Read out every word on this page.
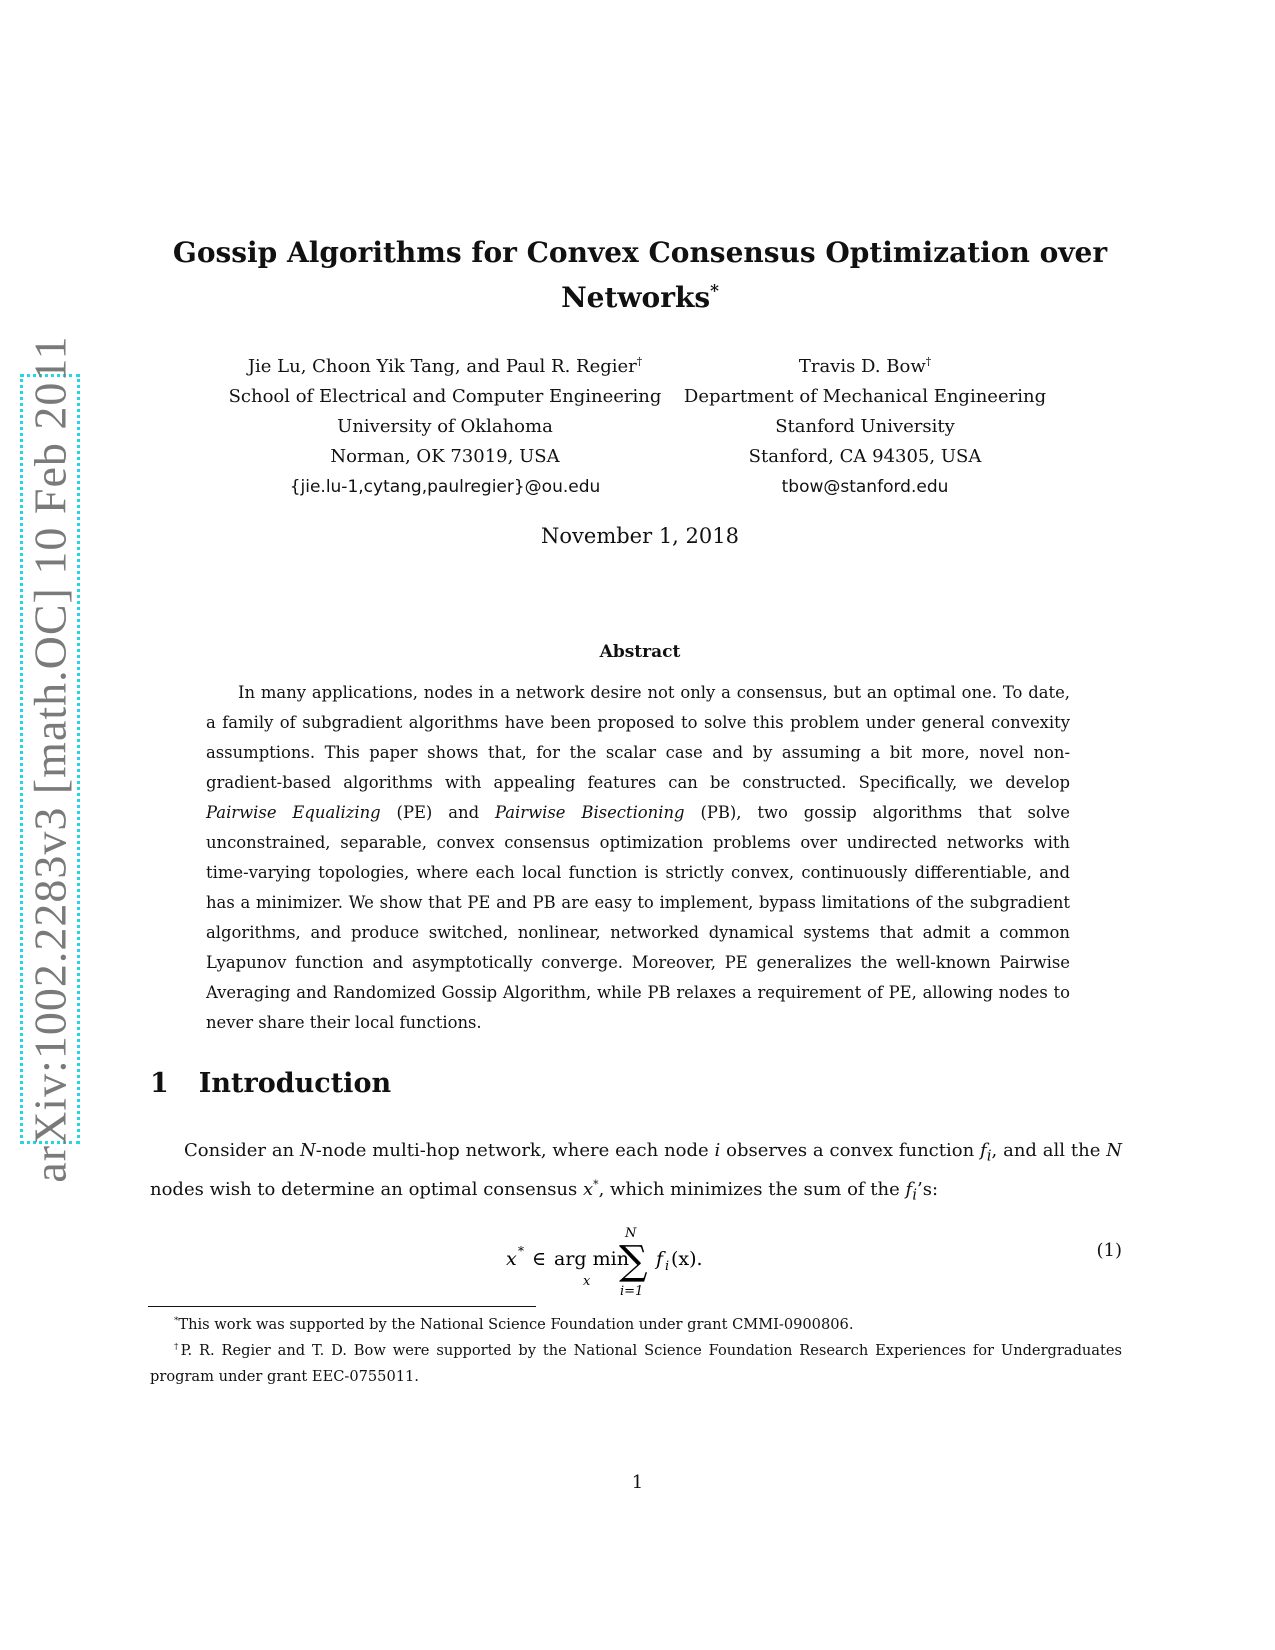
arXiv:1002.2283v3 [math.OC] 10 Feb 2011
Gossip Algorithms for Convex Consensus Optimization over
Networks*
Jie Lu, Choon Yik Tang, and Paul R. Regier†
School of Electrical and Computer Engineering
University of Oklahoma
Norman, OK 73019, USA
{jie.lu-1,cytang,paulregier}@ou.edu
Travis D. Bow†
Department of Mechanical Engineering
Stanford University
Stanford, CA 94305, USA
tbow@stanford.edu
November 1, 2018
Abstract

In many applications, nodes in a network desire not only a consensus, but an optimal one. To date, a family of subgradient algorithms have been proposed to solve this problem under general convexity assumptions. This paper shows that, for the scalar case and by assuming a bit more, novel non-gradient-based algorithms with appealing features can be constructed. Specifically, we develop Pairwise Equalizing (PE) and Pairwise Bisectioning (PB), two gossip algorithms that solve unconstrained, separable, convex consensus optimization problems over undirected networks with time-varying topologies, where each local function is strictly convex, continuously differentiable, and has a minimizer. We show that PE and PB are easy to implement, bypass limitations of the subgradient algorithms, and produce switched, nonlinear, networked dynamical systems that admit a common Lyapunov function and asymptotically converge. Moreover, PE generalizes the well-known Pairwise Averaging and Randomized Gossip Algorithm, while PB relaxes a requirement of PE, allowing nodes to never share their local functions.

1 Introduction

Consider an N-node multi-hop network, where each node i observes a convex function $f_i$, and all the N nodes wish to determine an optimal consensus x*, which minimizes the sum of the $f_i’s$:

x * ∈ arg min
x
N
∑
i=1
f i (x).	(1)

*This work was supported by the National Science Foundation under grant CMMI-0900806.

†P. R. Regier and T. D. Bow were supported by the National Science Foundation Research Experiences for Undergraduates program under grant EEC-0755011.

1
